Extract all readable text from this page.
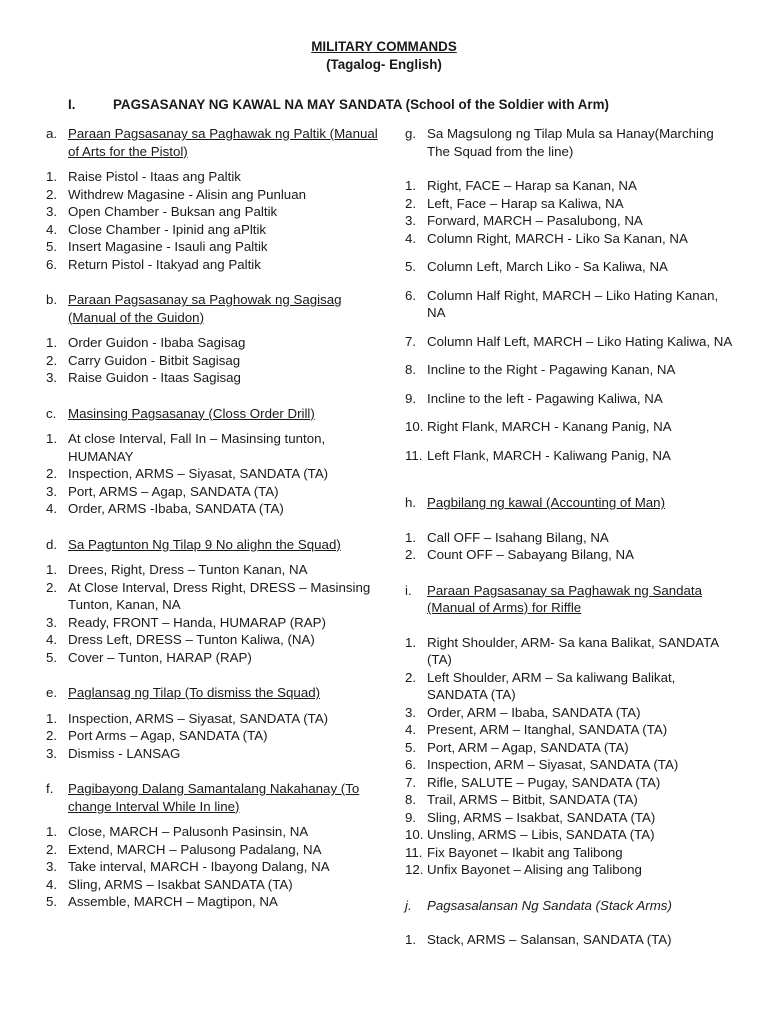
MILITARY COMMANDS
(Tagalog- English)
I.	PAGSASANAY NG KAWAL NA MAY SANDATA (School of the Soldier with Arm)
a. Paraan Pagsasanay sa Paghawak ng Paltik (Manual of Arts for the Pistol)
1. Raise Pistol - Itaas ang Paltik
2. Withdrew Magasine - Alisin ang Punluan
3. Open Chamber - Buksan ang Paltik
4. Close Chamber - Ipinid ang aPltik
5. Insert Magasine - Isauli ang Paltik
6. Return Pistol - Itakyad ang Paltik
b. Paraan Pagsasanay sa Paghowak ng Sagisag (Manual of the Guidon)
1. Order Guidon - Ibaba Sagisag
2. Carry Guidon - Bitbit Sagisag
3. Raise Guidon - Itaas Sagisag
c. Masinsing Pagsasanay (Closs Order Drill)
1. At close Interval, Fall In – Masinsing tunton, HUMANAY
2. Inspection, ARMS – Siyasat, SANDATA (TA)
3. Port, ARMS – Agap, SANDATA (TA)
4. Order, ARMS -Ibaba, SANDATA (TA)
d. Sa Pagtunton Ng Tilap 9 No alighn the Squad)
1. Drees, Right, Dress – Tunton Kanan, NA
2. At Close Interval, Dress Right, DRESS – Masinsing Tunton, Kanan, NA
3. Ready, FRONT – Handa, HUMARAP (RAP)
4. Dress Left, DRESS – Tunton Kaliwa, (NA)
5. Cover – Tunton, HARAP (RAP)
e. Paglansag ng Tilap (To dismiss the Squad)
1. Inspection, ARMS – Siyasat, SANDATA (TA)
2. Port Arms – Agap, SANDATA (TA)
3. Dismiss - LANSAG
f.	Pagibayong Dalang Samantalang Nakahanay (To change Interval While In line)
1. Close, MARCH – Palusonh Pasinsin, NA
2. Extend, MARCH – Palusong Padalang, NA
3. Take interval, MARCH - Ibayong Dalang, NA
4. Sling, ARMS – Isakbat SANDATA (TA)
5. Assemble, MARCH – Magtipon, NA
g. Sa Magsulong ng Tilap Mula sa Hanay(Marching The Squad from the line)
1. Right, FACE – Harap sa Kanan, NA
2. Left, Face – Harap sa Kaliwa, NA
3. Forward, MARCH – Pasalubong, NA
4. Column Right, MARCH - Liko Sa Kanan, NA
5. Column Left, March Liko - Sa Kaliwa, NA
6. Column Half Right, MARCH – Liko Hating Kanan, NA
7. Column Half Left, MARCH – Liko Hating Kaliwa, NA
8. Incline to the Right - Pagawing Kanan, NA
9. Incline to the left - Pagawing Kaliwa, NA
10. Right Flank, MARCH - Kanang Panig, NA
11. Left Flank, MARCH - Kaliwang Panig, NA
h. Pagbilang ng kawal (Accounting of Man)
1. Call OFF – Isahang Bilang, NA
2. Count OFF – Sabayang Bilang, NA
i.	Paraan Pagsasanay sa Paghawak ng Sandata (Manual of Arms) for Riffle
1. Right Shoulder, ARM- Sa kana Balikat, SANDATA (TA)
2. Left Shoulder, ARM – Sa kaliwang Balikat, SANDATA (TA)
3. Order, ARM – Ibaba, SANDATA (TA)
4. Present, ARM – Itanghal, SANDATA (TA)
5. Port, ARM – Agap, SANDATA (TA)
6. Inspection, ARM – Siyasat, SANDATA (TA)
7. Rifle, SALUTE – Pugay, SANDATA (TA)
8. Trail, ARMS – Bitbit, SANDATA (TA)
9. Sling, ARMS – Isakbat, SANDATA (TA)
10. Unsling, ARMS – Libis, SANDATA (TA)
11. Fix Bayonet – Ikabit ang Talibong
12. Unfix Bayonet – Alising ang Talibong
j.	Pagsasalansan Ng Sandata (Stack Arms)
1. Stack, ARMS – Salansan, SANDATA (TA)
